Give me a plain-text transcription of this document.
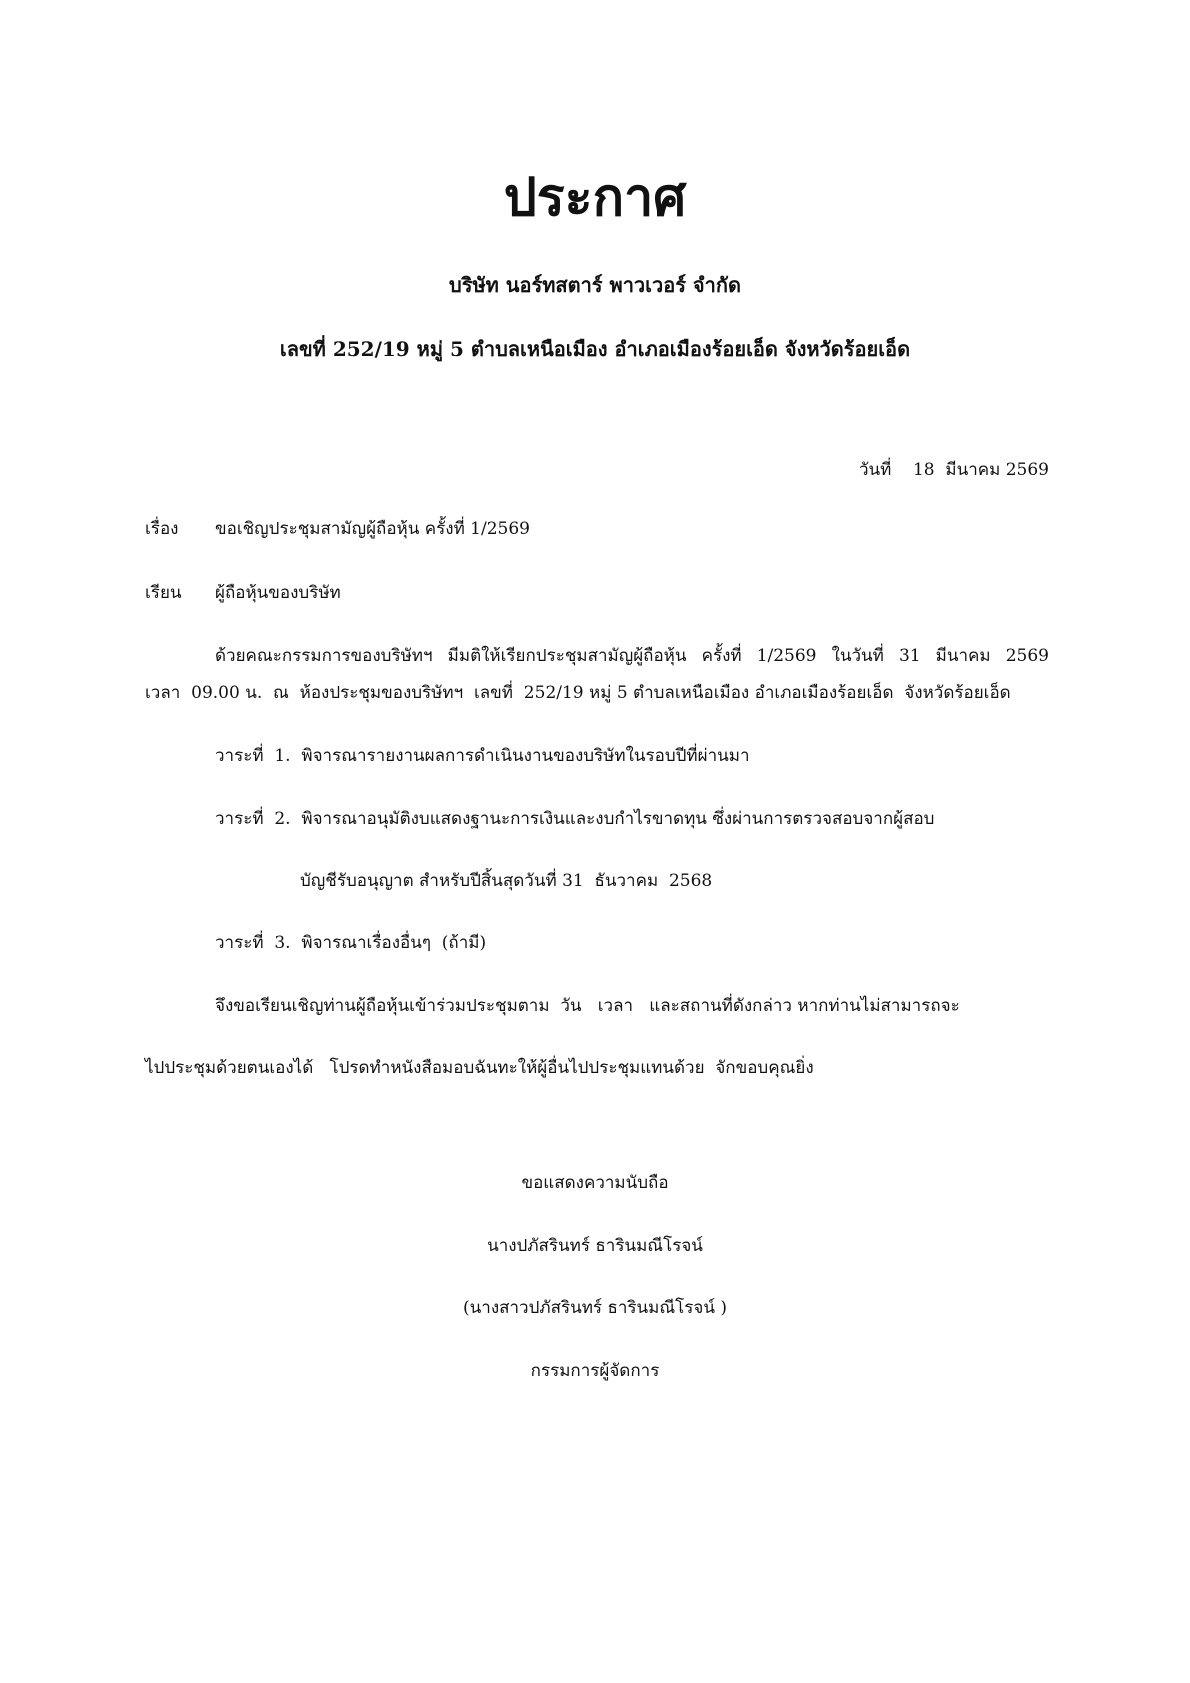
ประกาศ

บริษัท นอร์ทสตาร์ พาวเวอร์ จำกัด

เลขที่ 252/19 หมู่ 5 ตำบลเหนือเมือง อำเภอเมืองร้อยเอ็ด จังหวัดร้อยเอ็ด

วันที่    18  มีนาคม 2569

เรื่อง ขอเชิญประชุมสามัญผู้ถือหุ้น ครั้งที่ 1/2569

เรียน ผู้ถือหุ้นของบริษัท

ด้วยคณะกรรมการของบริษัทฯ มีมติให้เรียกประชุมสามัญผู้ถือหุ้น ครั้งที่ 1/2569 ในวันที่ 31 มีนาคม 2569

เวลา  09.00 น.  ณ  ห้องประชุมของบริษัทฯ  เลขที่  252/19 หมู่ 5 ตำบลเหนือเมือง อำเภอเมืองร้อยเอ็ด  จังหวัดร้อยเอ็ด

วาระที่  1.  พิจารณารายงานผลการดำเนินงานของบริษัทในรอบปีที่ผ่านมา

วาระที่  2.  พิจารณาอนุมัติงบแสดงฐานะการเงินและงบกำไรขาดทุน ซึ่งผ่านการตรวจสอบจากผู้สอบ

บัญชีรับอนุญาต สำหรับปีสิ้นสุดวันที่ 31  ธันวาคม  2568

วาระที่  3.  พิจารณาเรื่องอื่นๆ  (ถ้ามี)

จึงขอเรียนเชิญท่านผู้ถือหุ้นเข้าร่วมประชุมตาม  วัน   เวลา   และสถานที่ดังกล่าว หากท่านไม่สามารถจะ

ไปประชุมด้วยตนเองได้   โปรดทำหนังสือมอบฉันทะให้ผู้อื่นไปประชุมแทนด้วย  จักขอบคุณยิ่ง

ขอแสดงความนับถือ

นางปภัสรินทร์ ธารินมณีโรจน์

(นางสาวปภัสรินทร์ ธารินมณีโรจน์ )

กรรมการผู้จัดการ
